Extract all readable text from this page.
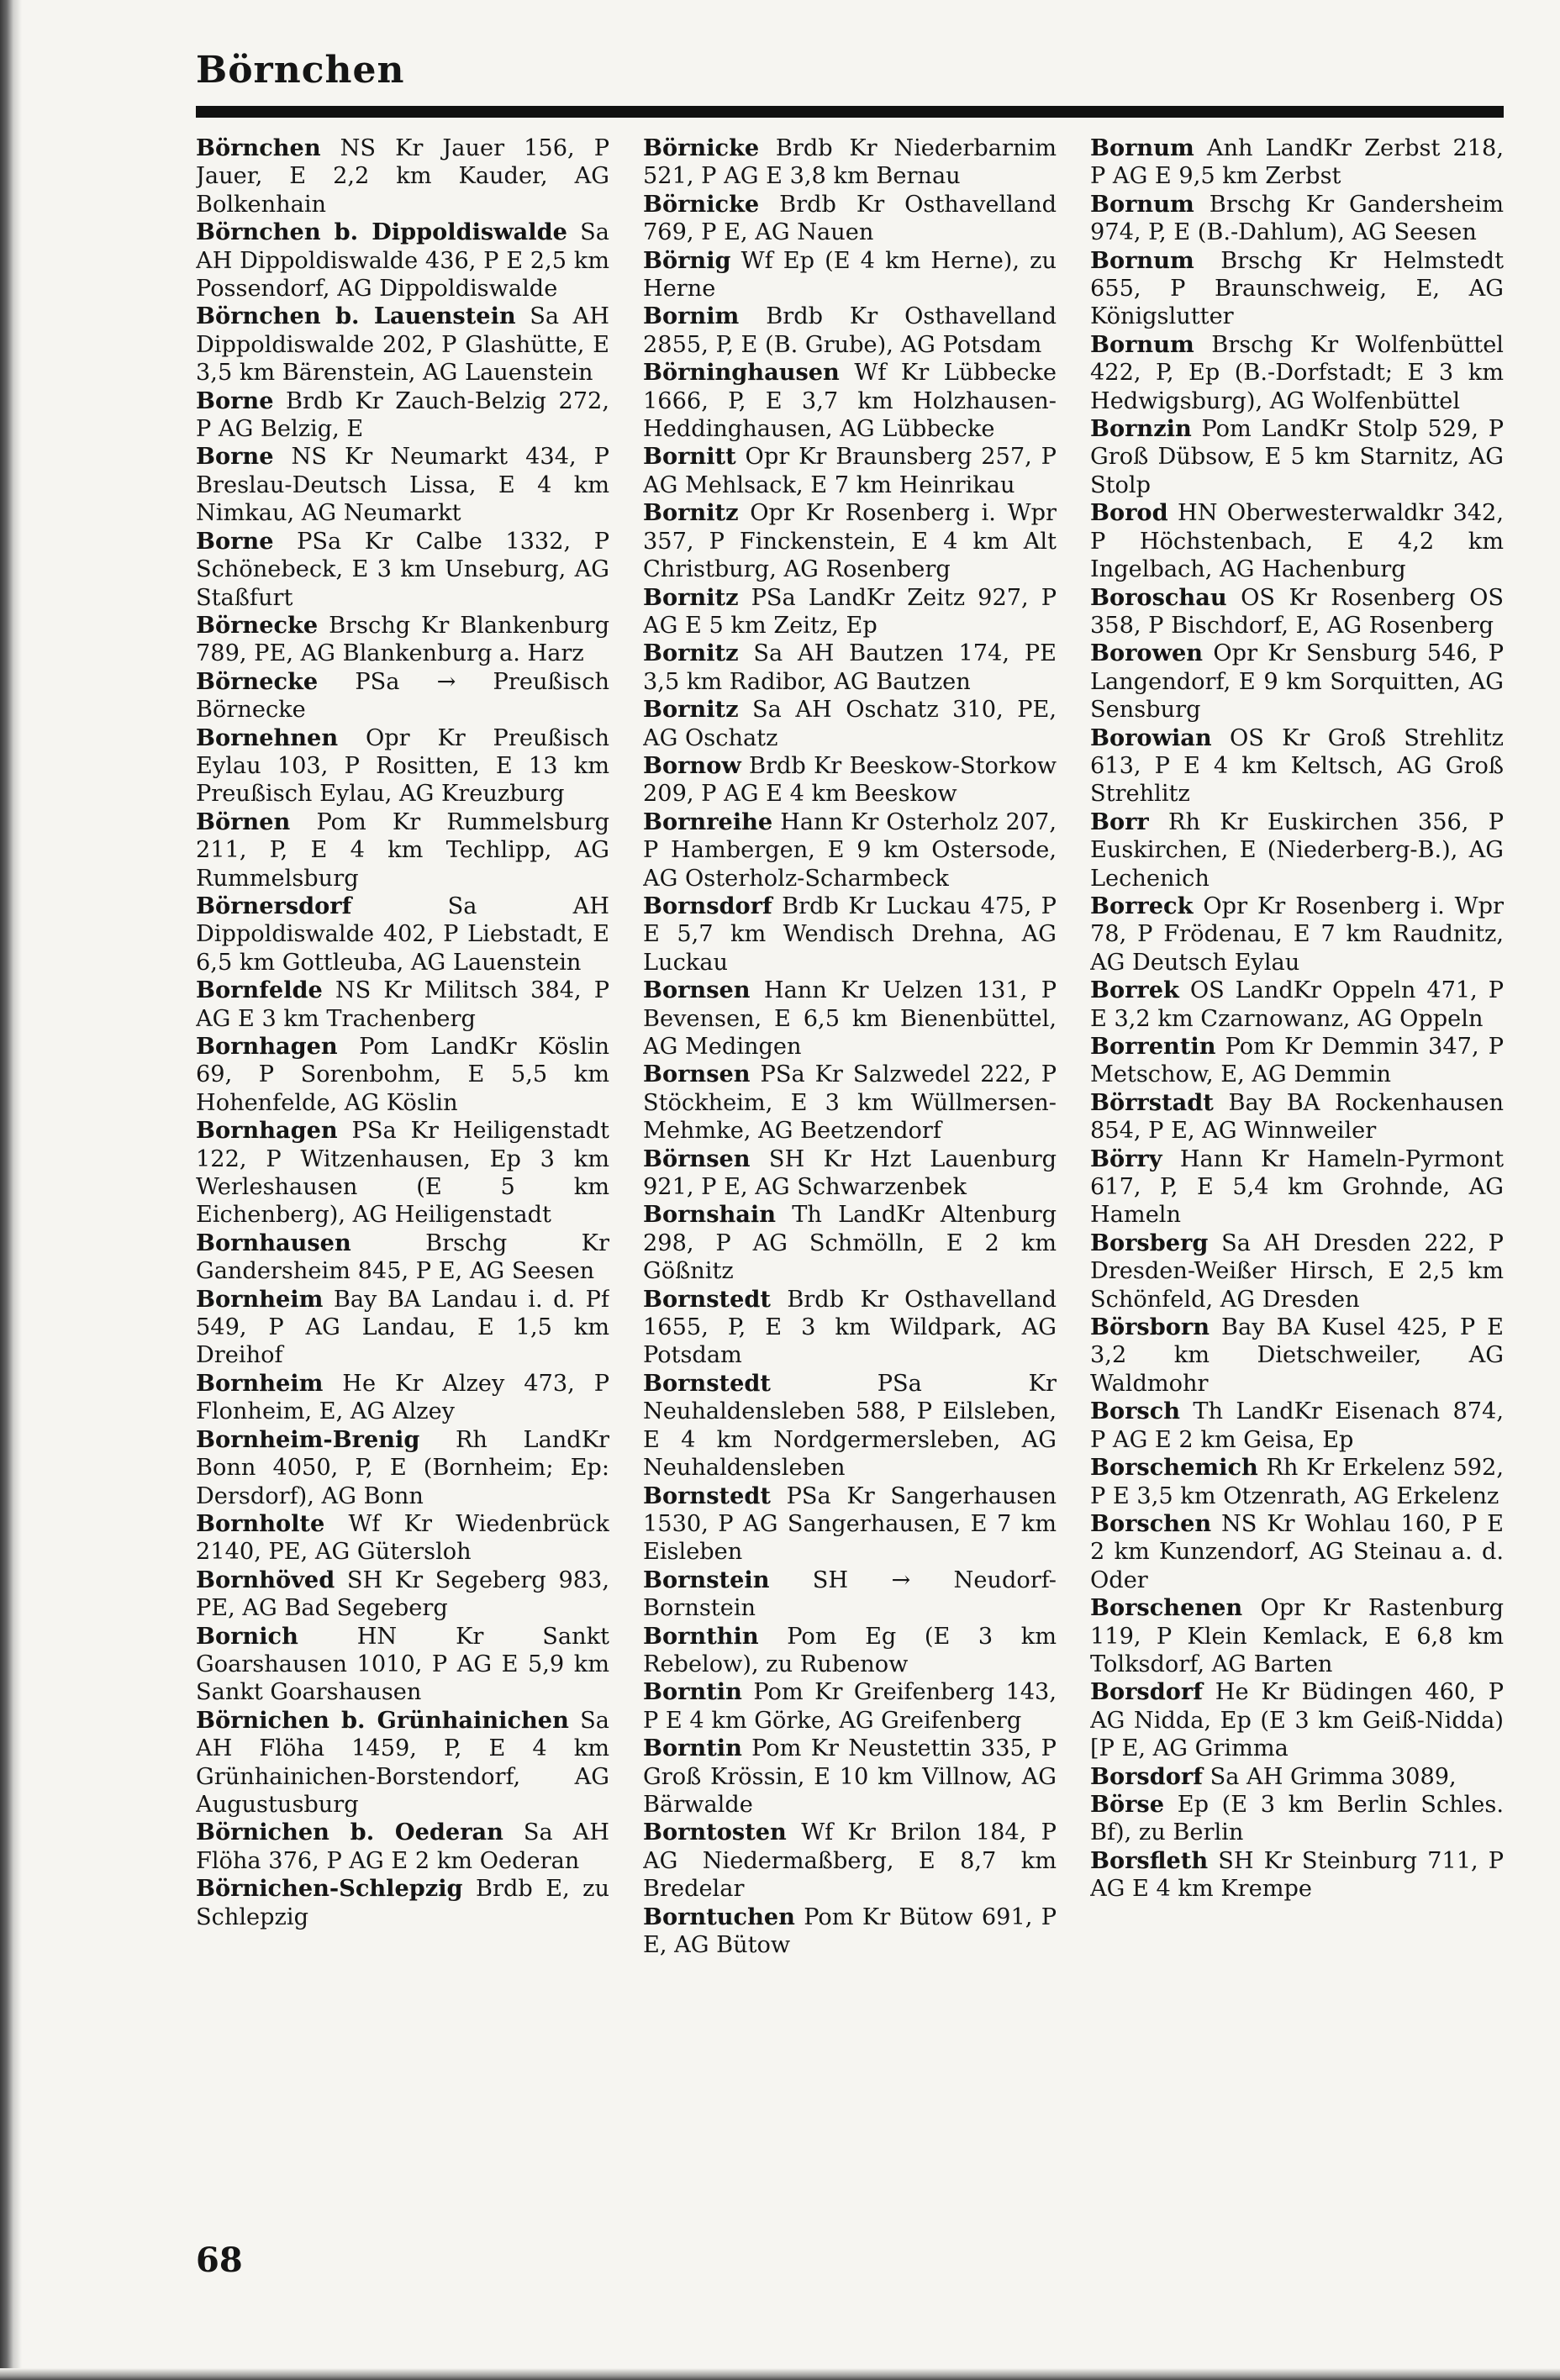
Börnchen

Börnchen NS Kr Jauer 156, P Jauer, E 2,2 km Kauder, AG Bolkenhain

Börnchen b. Dippoldiswalde Sa AH Dippoldiswalde 436, P E 2,5 km Possendorf, AG Dippoldiswalde

Börnchen b. Lauenstein Sa AH Dippoldiswalde 202, P Glashütte, E 3,5 km Bärenstein, AG Lauenstein

Borne Brdb Kr Zauch-Belzig 272, P AG Belzig, E

Borne NS Kr Neumarkt 434, P Breslau-Deutsch Lissa, E 4 km Nimkau, AG Neumarkt

Borne PSa Kr Calbe 1332, P Schönebeck, E 3 km Unseburg, AG Staßfurt

Börnecke Brschg Kr Blankenburg 789, PE, AG Blankenburg a. Harz

Börnecke PSa → Preußisch Börnecke

Bornehnen Opr Kr Preußisch Eylau 103, P Rositten, E 13 km Preußisch Eylau, AG Kreuzburg

Börnen Pom Kr Rummelsburg 211, P, E 4 km Techlipp, AG Rummelsburg

Börnersdorf	Sa AH Dippoldiswalde 402, P Liebstadt, E 6,5 km Gottleuba, AG Lauenstein

Bornfelde NS Kr Militsch 384, P AG E 3 km Trachenberg

Bornhagen Pom LandKr Köslin 69, P Sorenbohm, E 5,5 km Hohenfelde, AG Köslin

Bornhagen PSa Kr Heiligenstadt 122, P Witzenhausen, Ep 3 km Werleshausen (E 5 km Eichenberg), AG Heiligenstadt

Bornhausen	Brschg Kr Gandersheim 845, P E, AG Seesen

Bornheim Bay BA Landau i. d. Pf 549, P AG Landau, E 1,5 km Dreihof

Bornheim He Kr Alzey 473, P Flonheim, E, AG Alzey

Bornheim-Brenig Rh LandKr Bonn 4050, P, E (Bornheim; Ep: Dersdorf), AG Bonn

Bornholte Wf Kr Wiedenbrück 2140, PE, AG Gütersloh

Bornhöved SH Kr Segeberg 983, PE, AG Bad Segeberg

Bornich	HN Kr Sankt Goarshausen 1010, P AG E 5,9 km Sankt Goarshausen

Börnichen b. Grünhainichen Sa AH Flöha 1459, P, E 4 km Grünhainichen-Borstendorf, AG Augustusburg

Börnichen b. Oederan Sa AH Flöha 376, P AG E 2 km Oederan

Börnichen-Schlepzig Brdb E, zu Schlepzig

Börnicke Brdb Kr Niederbarnim 521, P AG E 3,8 km Bernau

Börnicke Brdb Kr Osthavelland 769, P E, AG Nauen

Börnig Wf Ep (E 4 km Herne), zu Herne

Bornim Brdb Kr Osthavelland 2855, P, E (B. Grube), AG Potsdam

Börninghausen Wf Kr Lübbecke 1666, P, E 3,7 km Holzhausen-Heddinghausen, AG Lübbecke

Bornitt Opr Kr Braunsberg 257, P AG Mehlsack, E 7 km Heinrikau

Bornitz Opr Kr Rosenberg i. Wpr 357, P Finckenstein, E 4 km Alt Christburg, AG Rosenberg

Bornitz PSa LandKr Zeitz 927, P AG E 5 km Zeitz, Ep

Bornitz Sa AH Bautzen 174, PE 3,5 km Radibor, AG Bautzen

Bornitz Sa AH Oschatz 310, PE, AG Oschatz

Bornow Brdb Kr Beeskow-Storkow 209, P AG E 4 km Beeskow

Bornreihe Hann Kr Osterholz 207, P Hambergen, E 9 km Ostersode, AG Osterholz-Scharmbeck

Bornsdorf Brdb Kr Luckau 475, P E 5,7 km Wendisch Drehna, AG Luckau

Bornsen Hann Kr Uelzen 131, P Bevensen, E 6,5 km Bienenbüttel, AG Medingen

Bornsen PSa Kr Salzwedel 222, P Stöckheim, E 3 km Wüllmersen-Mehmke, AG Beetzendorf

Börnsen SH Kr Hzt Lauenburg 921, P E, AG Schwarzenbek

Bornshain Th LandKr Altenburg 298, P AG Schmölln, E 2 km Gößnitz

Bornstedt Brdb Kr Osthavelland 1655, P, E 3 km Wildpark, AG Potsdam

Bornstedt	PSa Kr Neuhaldensleben 588, P Eilsleben, E 4 km Nordgermersleben, AG Neuhaldensleben

Bornstedt PSa Kr Sangerhausen 1530, P AG Sangerhausen, E 7 km Eisleben

Bornstein SH → Neudorf-Bornstein

Bornthin Pom Eg (E 3 km Rebelow), zu Rubenow

Borntin Pom Kr Greifenberg 143, P E 4 km Görke, AG Greifenberg

Borntin Pom Kr Neustettin 335, P Groß Krössin, E 10 km Villnow, AG Bärwalde

Borntosten Wf Kr Brilon 184, P AG Niedermaßberg, E 8,7 km Bredelar

Borntuchen Pom Kr Bütow 691, P E, AG Bütow

Bornum Anh LandKr Zerbst 218, P AG E 9,5 km Zerbst

Bornum Brschg Kr Gandersheim 974, P, E (B.-Dahlum), AG Seesen

Bornum Brschg Kr Helmstedt 655, P Braunschweig, E, AG Königslutter

Bornum Brschg Kr Wolfenbüttel 422, P, Ep (B.-Dorfstadt; E 3 km Hedwigsburg), AG Wolfenbüttel

Bornzin Pom LandKr Stolp 529, P Groß Dübsow, E 5 km Starnitz, AG Stolp

Borod HN Oberwesterwaldkr 342, P Höchstenbach, E 4,2 km Ingelbach, AG Hachenburg

Boroschau OS Kr Rosenberg OS 358, P Bischdorf, E, AG Rosenberg

Borowen Opr Kr Sensburg 546, P Langendorf, E 9 km Sorquitten, AG Sensburg

Borowian OS Kr Groß Strehlitz 613, P E 4 km Keltsch, AG Groß Strehlitz

Borr Rh Kr Euskirchen 356, P Euskirchen, E (Niederberg-B.), AG Lechenich

Borreck Opr Kr Rosenberg i. Wpr 78, P Frödenau, E 7 km Raudnitz, AG Deutsch Eylau

Borrek OS LandKr Oppeln 471, P E 3,2 km Czarnowanz, AG Oppeln

Borrentin Pom Kr Demmin 347, P Metschow, E, AG Demmin

Börrstadt Bay BA Rockenhausen 854, P E, AG Winnweiler

Börry Hann Kr Hameln-Pyrmont 617, P, E 5,4 km Grohnde, AG Hameln

Borsberg Sa AH Dresden 222, P Dresden-Weißer Hirsch, E 2,5 km Schönfeld, AG Dresden

Börsborn Bay BA Kusel 425, P E 3,2 km Dietschweiler, AG Waldmohr

Borsch Th LandKr Eisenach 874, P AG E 2 km Geisa, Ep

Borschemich Rh Kr Erkelenz 592, P E 3,5 km Otzenrath, AG Erkelenz

Borschen NS Kr Wohlau 160, P E 2 km Kunzendorf, AG Steinau a. d. Oder

Borschenen Opr Kr Rastenburg 119, P Klein Kemlack, E 6,8 km Tolksdorf, AG Barten

Borsdorf He Kr Büdingen 460, P AG Nidda, Ep (E 3 km Geiß-Nidda) [P E, AG Grimma

Borsdorf Sa AH Grimma 3089,

Börse Ep (E 3 km Berlin Schles. Bf), zu Berlin

Borsfleth SH Kr Steinburg 711, P AG E 4 km Krempe

68
